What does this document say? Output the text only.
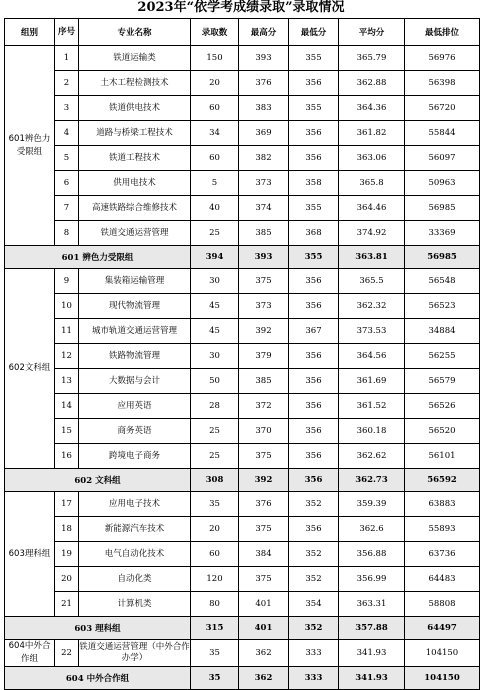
2023年“依学考成绩录取”录取情况
组别	序号	专业名称	录取数	最高分	最低分	平均分	最低排位
601辨色力受限组	1	铁道运输类	150	393	355	365.79	56976
	2	土木工程检测技术	20	376	356	362.88	56398
	3	铁道供电技术	60	383	355	364.36	56720
	4	道路与桥梁工程技术	34	369	356	361.82	55844
	5	铁道工程技术	60	382	356	363.06	56097
	6	供用电技术	5	373	358	365.8	50963
	7	高速铁路综合维修技术	40	374	355	364.46	56985
	8	铁道交通运营管理	25	385	368	374.92	33369
601 辨色力受限组			394	393	355	363.81	56985
602文科组	9	集装箱运输管理	30	375	356	365.5	56548
	10	现代物流管理	45	373	356	362.32	56523
	11	城市轨道交通运营管理	45	392	367	373.53	34884
	12	铁路物流管理	30	379	356	364.56	56255
	13	大数据与会计	50	385	356	361.69	56579
	14	应用英语	28	372	356	361.52	56526
	15	商务英语	25	370	356	360.18	56520
	16	跨境电子商务	25	375	356	362.62	56101
602 文科组			308	392	356	362.73	56592
603理科组	17	应用电子技术	35	376	352	359.39	63883
	18	新能源汽车技术	20	375	356	362.6	55893
	19	电气自动化技术	60	384	352	356.88	63736
	20	自动化类	120	375	352	356.99	64483
	21	计算机类	80	401	354	363.31	58808
603 理科组			315	401	352	357.88	64497
604中外合作组	22	铁道交通运营管理（中外合作办学）	35	362	333	341.93	104150
604 中外合作组			35	362	333	341.93	104150
